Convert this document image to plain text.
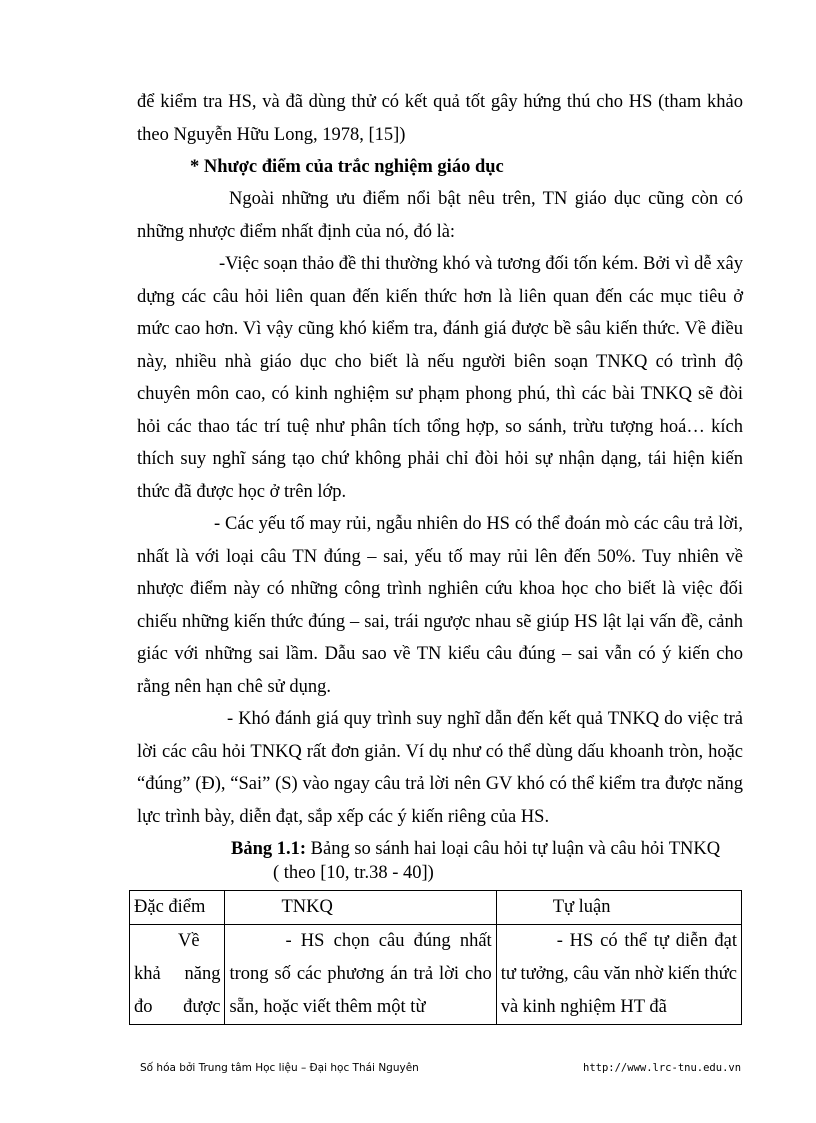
để kiểm tra HS, và đã dùng thử có kết quả tốt gây hứng thú cho HS (tham khảo theo Nguyễn Hữu Long, 1978, [15])

* Nhược điểm của trắc nghiệm giáo dục

Ngoài những ưu điểm nổi bật nêu trên, TN giáo dục cũng còn có những nhược điểm nhất định của nó, đó là:

-Việc soạn thảo đề thi thường khó và tương đối tốn kém. Bởi vì dễ xây dựng các câu hỏi liên quan đến kiến thức hơn là liên quan đến các mục tiêu ở mức cao hơn. Vì vậy cũng khó kiểm tra, đánh giá được bề sâu kiến thức. Về điều này, nhiều nhà giáo dục cho biết là nếu người biên soạn TNKQ có trình độ chuyên môn cao, có kinh nghiệm sư phạm phong phú, thì các bài TNKQ sẽ đòi hỏi các thao tác trí tuệ như phân tích tổng hợp, so sánh, trừu tượng hoá… kích thích suy nghĩ sáng tạo chứ không phải chỉ đòi hỏi sự nhận dạng, tái hiện kiến thức đã được học ở trên lớp.

- Các yếu tố may rủi, ngẫu nhiên do HS có thể đoán mò các câu trả lời, nhất là với loại câu TN đúng – sai, yếu tố may rủi lên đến 50%. Tuy nhiên về nhược điểm này có những công trình nghiên cứu khoa học cho biết là việc đối chiếu những kiến thức đúng – sai, trái ngược nhau sẽ giúp HS lật lại vấn đề, cảnh giác với những sai lầm. Dẫu sao về TN kiểu câu đúng – sai vẫn có ý kiến cho rằng nên hạn chê sử dụng.

- Khó đánh giá quy trình suy nghĩ dẫn đến kết quả TNKQ do việc trả lời các câu hỏi TNKQ rất đơn giản. Ví dụ như có thể dùng dấu khoanh tròn, hoặc “đúng” (Đ), “Sai” (S) vào ngay câu trả lời nên GV khó có thể kiểm tra được năng lực trình bày, diễn đạt, sắp xếp các ý kiến riêng của HS.

Bảng 1.1: Bảng so sánh hai loại câu hỏi tự luận và câu hỏi TNKQ

( theo [10, tr.38 - 40])

Đặc điểm	TNKQ	Tự luận
Về khả năng đo được	- HS chọn câu đúng nhất trong số các phương án trả lời cho sẵn, hoặc viết thêm một từ	- HS có thể tự diễn đạt tư tưởng, câu văn nhờ kiến thức và kinh nghiệm HT đã
Số hóa bởi Trung tâm Học liệu – Đại học Thái Nguyên	http://www.lrc-tnu.edu.vn
